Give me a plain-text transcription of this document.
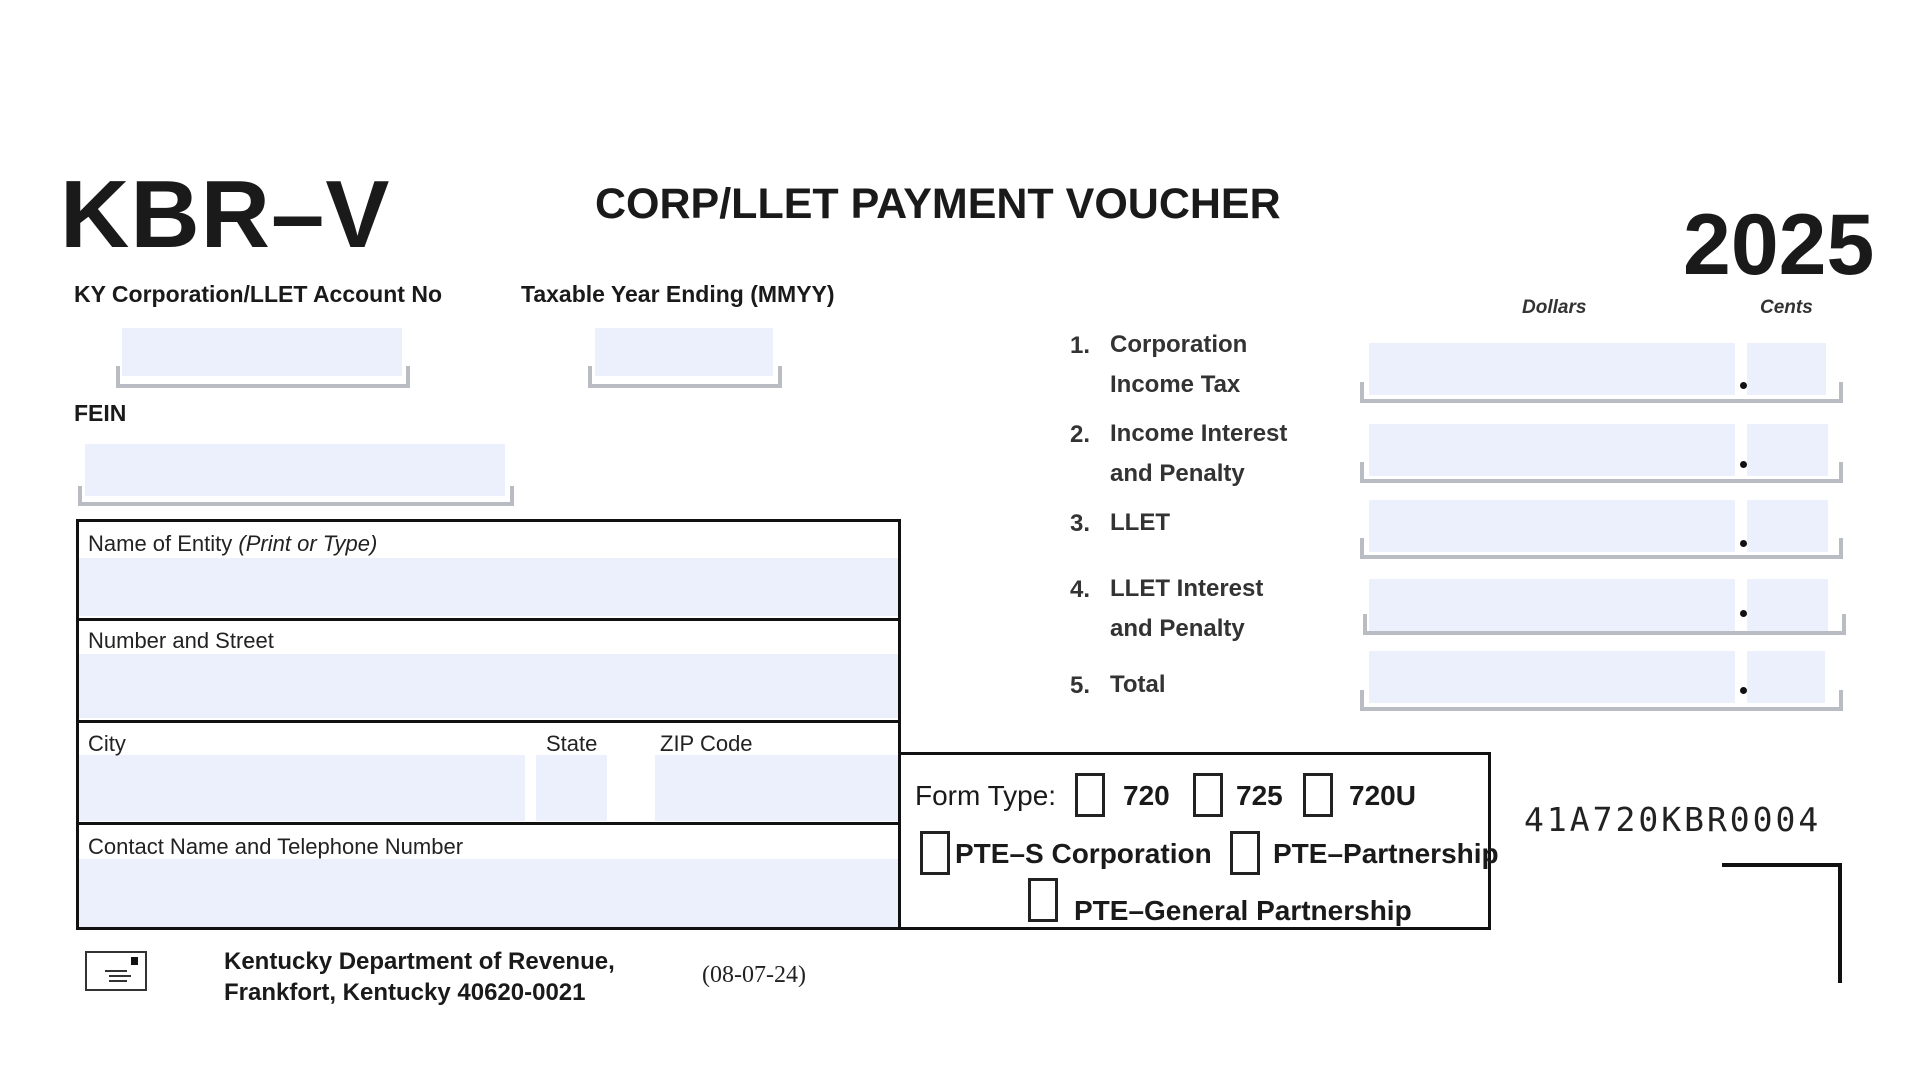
KBR–V	CORP/LLET PAYMENT VOUCHER	2025
KY Corporation/LLET Account No	Taxable Year Ending (MMYY)
FEIN
Dollars	Cents
1. Corporation
Income Tax
2. Income Interest
and Penalty
3. LLET
4. LLET Interest
and Penalty
5. Total
Name of Entity (Print or Type)
Number and Street
City	State	ZIP Code
Contact Name and Telephone Number
Form Type: 720 725 720U
PTE–S Corporation PTE–Partnership
PTE–General Partnership
41A720KBR0004
Kentucky Department of Revenue,
Frankfort, Kentucky 40620-0021
(08-07-24)
